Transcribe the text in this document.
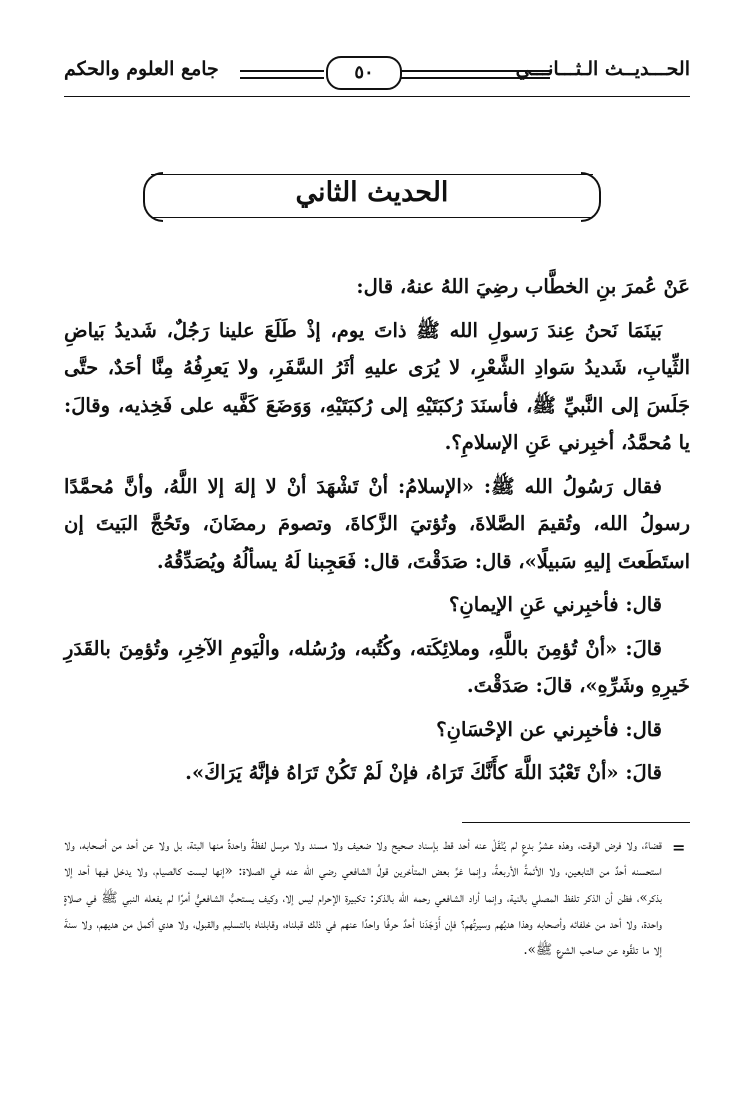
الحـــديــث الـثـــانـــي
٥٠
جامع العلوم والحكم
الحديث الثاني

عَنْ عُمرَ بنِ الخطَّاب رضِيَ اللهُ عنهُ، قال:

بَينَمَا نَحنُ عِندَ رَسولِ الله ﷺ ذاتَ يوم، إذْ طَلَعَ علينا رَجُلٌ، شَديدُ بَياضِ الثِّيابِ، شَديدُ سَوادِ الشَّعْرِ، لا يُرَى عليهِ أثَرُ السَّفَرِ، ولا يَعرِفُهُ مِنَّا أحَدٌ، حتَّى جَلَسَ إلى النَّبيِّ ﷺ، فأسنَدَ رُكبَتَيْهِ إلى رُكبَتَيْهِ، وَوَضَعَ كَفَّيه على فَخِذيه، وقالَ: يا مُحمَّدُ، أخبِرني عَنِ الإسلامِ؟.

فقال رَسُولُ الله ﷺ: «الإسلامُ: أنْ تَشْهَدَ أنْ لا إلهَ إلا اللَّهُ، وأنَّ مُحمَّدًا رسولُ الله، وتُقيمَ الصَّلاةَ، وتُؤتيَ الزَّكاةَ، وتصومَ رمضَانَ، وتَحُجَّ البَيتَ إن استَطَعتَ إليهِ سَبيلًا»، قال: صَدَقْتَ، قال: فَعَجِبنا لَهُ يسألُهُ ويُصَدِّقُهُ.

قال: فأخبِرني عَنِ الإيمانِ؟

قالَ: «أنْ تُؤمِنَ باللَّهِ، وملائِكَته، وكُتُبه، ورُسُله، والْيَومِ الآخِرِ، وتُؤمِنَ بالقَدَرِ خَيرِهِ وشَرِّهِ»، قالَ: صَدَقْتَ.

قال: فأخبِرني عن الإحْسَانِ؟

قالَ: «أنْ تَعْبُدَ اللَّهَ كأَنَّكَ تَرَاهُ، فإنْ لَمْ تَكُنْ تَرَاهُ فإنَّهُ يَرَاكَ».

=
قضاءً، ولا فرض الوقت، وهذه عشرُ بدعٍ لم يُنْقَلْ عنه أحد قط بإسناد صحيح ولا ضعيف ولا مسند ولا مرسل لفظةً واحدةً منها البتة، بل ولا عن أحد من أصحابه، ولا استحسنه أحدٌ من التابعين، ولا الأئمةُ الأربعةُ، وإنما غرَّ بعض المتأخرين قولُ الشافعي رضي الله عنه في الصلاة: «إنها ليست كالصيام، ولا يدخل فيها أحد إلا بذكر»، فظن أن الذكر تلفظ المصلي بالنية، وإنما أراد الشافعي رحمه الله بالذكر: تكبيرة الإحرام ليس إلا، وكيف يستحبُّ الشافعيُّ أمرًا لم يفعله النبي ﷺ في صلاةٍ واحدة، ولا أحد من خلفائه وأصحابه وهذا هديُهم وسيرتُهم؟ فإن أَوْجَدَنا أحدٌ حرفًا واحدًا عنهم في ذلك قبلناه، وقابلناه بالتسليم والقبول، ولا هدي أكمل من هديهم، ولا سنةَ إلا ما تلقَّوه عن صاحب الشرع ﷺ».
